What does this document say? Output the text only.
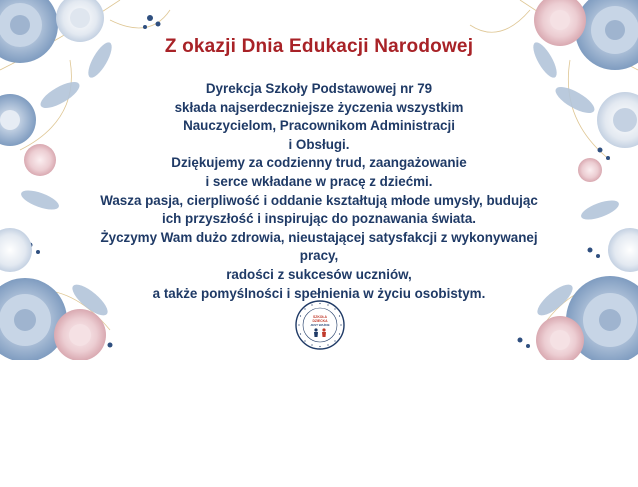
Z okazji Dnia Edukacji Narodowej
Dyrekcja Szkoły Podstawowej nr 79
składa najserdeczniejsze życzenia wszystkim
Nauczycielom, Pracownikom Administracji
i Obsługi.
Dziękujemy za codzienny trud, zaangażowanie
i serce wkładane w pracę z dziećmi.
Wasza pasja, cierpliwość i oddanie kształtują młode umysły, budując
ich przyszłość i inspirując do poznawania świata.
Życzymy Wam dużo zdrowia, nieustającej satysfakcji z wykonywanej
pracy,
radości z sukcesów uczniów,
a także pomyślności i spełnienia w życiu osobistym.
SZKOŁA
DZIECKA
JEST WAŻNE
